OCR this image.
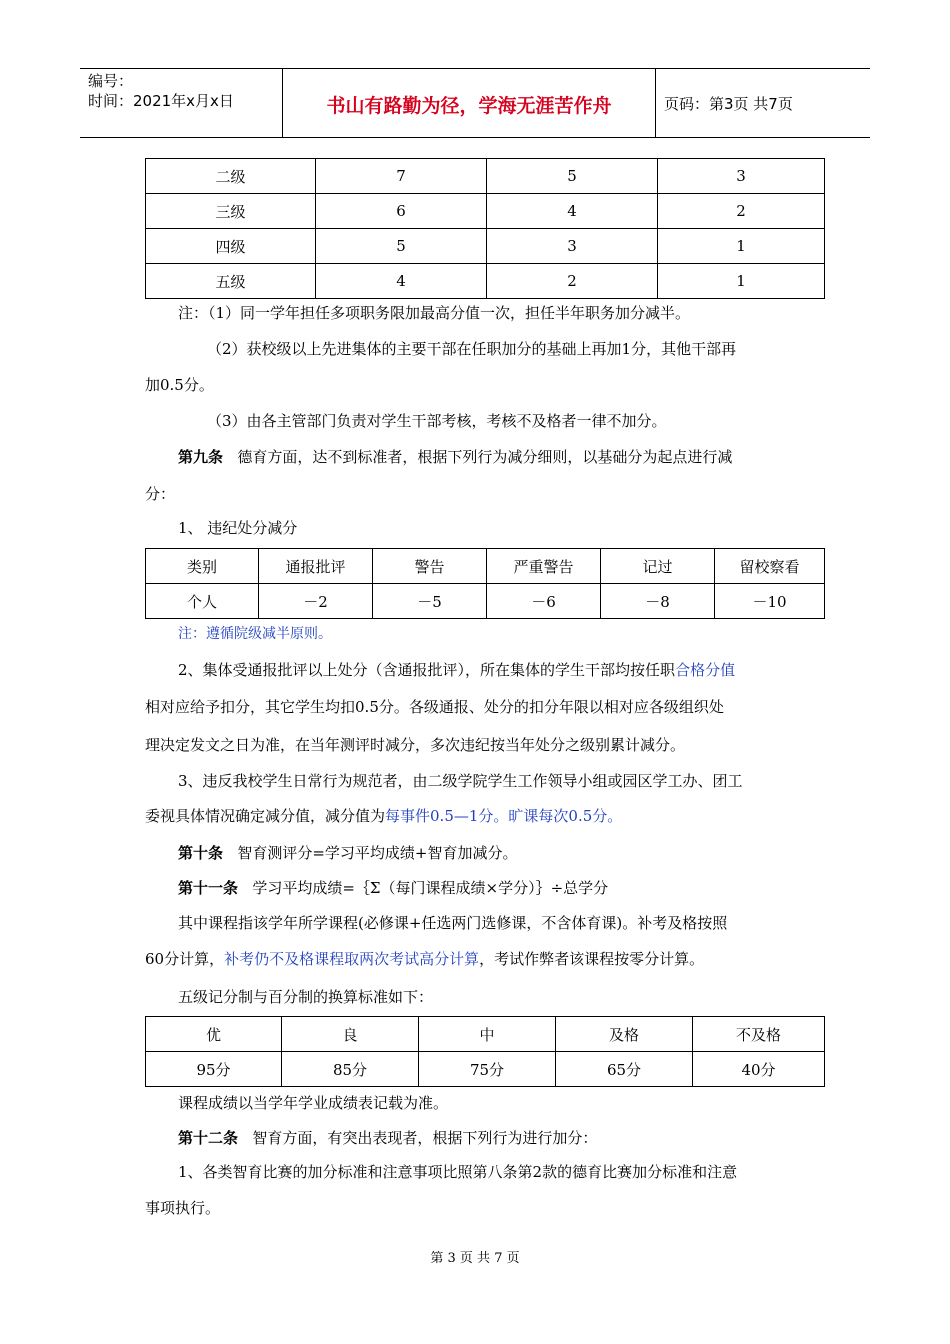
编号：
时间：2021年x月x日	书山有路勤为径，学海无涯苦作舟	页码：第3页 共7页
二级	7	5	3
三级	6	4	2
四级	5	3	1
五级	4	2	1
注：（1）同一学年担任多项职务限加最高分值一次，担任半年职务加分减半。
（2）获校级以上先进集体的主要干部在任职加分的基础上再加1分，其他干部再
加0.5分。
（3）由各主管部门负责对学生干部考核，考核不及格者一律不加分。
第九条 德育方面，达不到标准者，根据下列行为减分细则，以基础分为起点进行减
分：
1、 违纪处分减分
类别	通报批评	警告	严重警告	记过	留校察看
个人	－2	－5	－6	－8	－10
注：遵循院级减半原则。
2、集体受通报批评以上处分（含通报批评），所在集体的学生干部均按任职合格分值
相对应给予扣分，其它学生均扣0.5分。各级通报、处分的扣分年限以相对应各级组织处
理决定发文之日为准，在当年测评时减分，多次违纪按当年处分之级别累计减分。
3、违反我校学生日常行为规范者，由二级学院学生工作领导小组或园区学工办、团工
委视具体情况确定减分值，减分值为每事件0.5—1分。旷课每次0.5分。
第十条 智育测评分=学习平均成绩+智育加减分。
第十一条 学习平均成绩=｛Σ（每门课程成绩×学分）｝÷总学分
其中课程指该学年所学课程(必修课+任选两门选修课，不含体育课)。补考及格按照
60分计算，补考仍不及格课程取两次考试高分计算，考试作弊者该课程按零分计算。
五级记分制与百分制的换算标准如下：
优	良	中	及格	不及格
95分	85分	75分	65分	40分
课程成绩以当学年学业成绩表记载为准。
第十二条 智育方面，有突出表现者，根据下列行为进行加分：
1、各类智育比赛的加分标准和注意事项比照第八条第2款的德育比赛加分标准和注意
事项执行。
第 3 页 共 7 页
